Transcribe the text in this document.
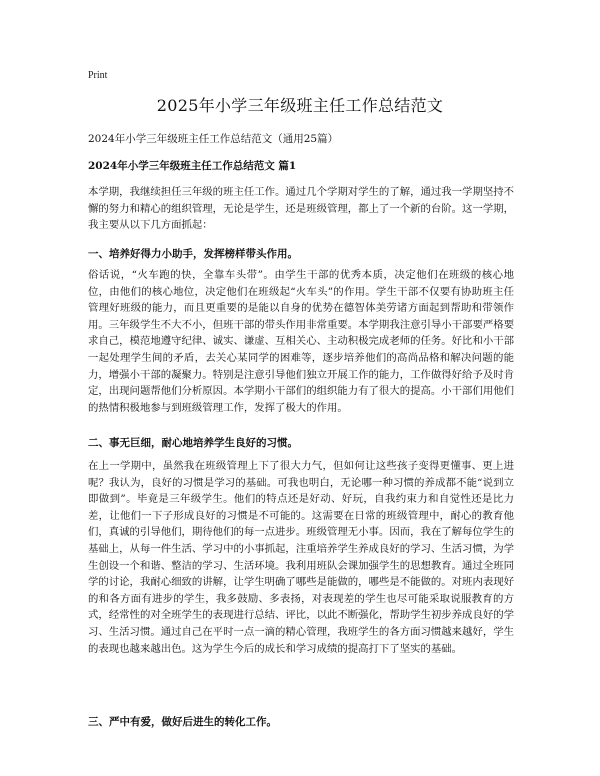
Print
2025年小学三年级班主任工作总结范文
2024年小学三年级班主任工作总结范文（通用25篇）
2024年小学三年级班主任工作总结范文 篇1

本学期，我继续担任三年级的班主任工作。通过几个学期对学生的了解，通过我一学期坚持不懈的努力和精心的组织管理，无论是学生，还是班级管理，都上了一个新的台阶。这一学期，我主要从以下几方面抓起：

一、培养好得力小助手，发挥榜样带头作用。

俗话说，“火车跑的快，全靠车头带”。由学生干部的优秀本质，决定他们在班级的核心地位，由他们的核心地位，决定他们在班级起“火车头”的作用。学生干部不仅要有协助班主任管理好班级的能力，而且更重要的是能以自身的优势在德智体美劳诸方面起到帮助和带领作用。三年级学生不大不小，但班干部的带头作用非常重要。本学期我注意引导小干部要严格要求自己，模范地遵守纪律、诚实、谦虚、互相关心、主动积极完成老师的任务。好比和小干部一起处理学生间的矛盾，去关心某同学的困难等，逐步培养他们的高尚品格和解决问题的能力，增强小干部的凝聚力。特别是注意引导他们独立开展工作的能力，工作做得好给予及时肯定，出现问题帮他们分析原因。本学期小干部们的组织能力有了很大的提高。小干部们用他们的热情积极地参与到班级管理工作，发挥了极大的作用。

二、事无巨细，耐心地培养学生良好的习惯。

在上一学期中，虽然我在班级管理上下了很大力气，但如何让这些孩子变得更懂事、更上进呢？我认为，良好的习惯是学习的基础。可我也明白，无论哪一种习惯的养成都不能“说到立即做到”。毕竟是三年级学生。他们的特点还是好动、好玩，自我约束力和自觉性还是比力差，让他们一下子形成良好的习惯是不可能的。这需要在日常的班级管理中，耐心的教育他们，真诚的引导他们，期待他们的每一点进步。班级管理无小事。因而，我在了解每位学生的基础上，从每一件生活、学习中的小事抓起，注重培养学生养成良好的学习、生活习惯，为学生创设一个和谐、整洁的学习、生活环境。我利用班队会课加强学生的思想教育。通过全班同学的讨论，我耐心细致的讲解，让学生明确了哪些是能做的，哪些是不能做的。对班内表现好的和各方面有进步的学生，我多鼓励、多表扬，对表现差的学生也尽可能采取说服教育的方式，经常性的对全班学生的表现进行总结、评比，以此不断强化，帮助学生初步养成良好的学习、生活习惯。通过自己在平时一点一滴的精心管理，我班学生的各方面习惯越来越好，学生的表现也越来越出色。这为学生今后的成长和学习成绩的提高打下了坚实的基础。

三、严中有爱，做好后进生的转化工作。
